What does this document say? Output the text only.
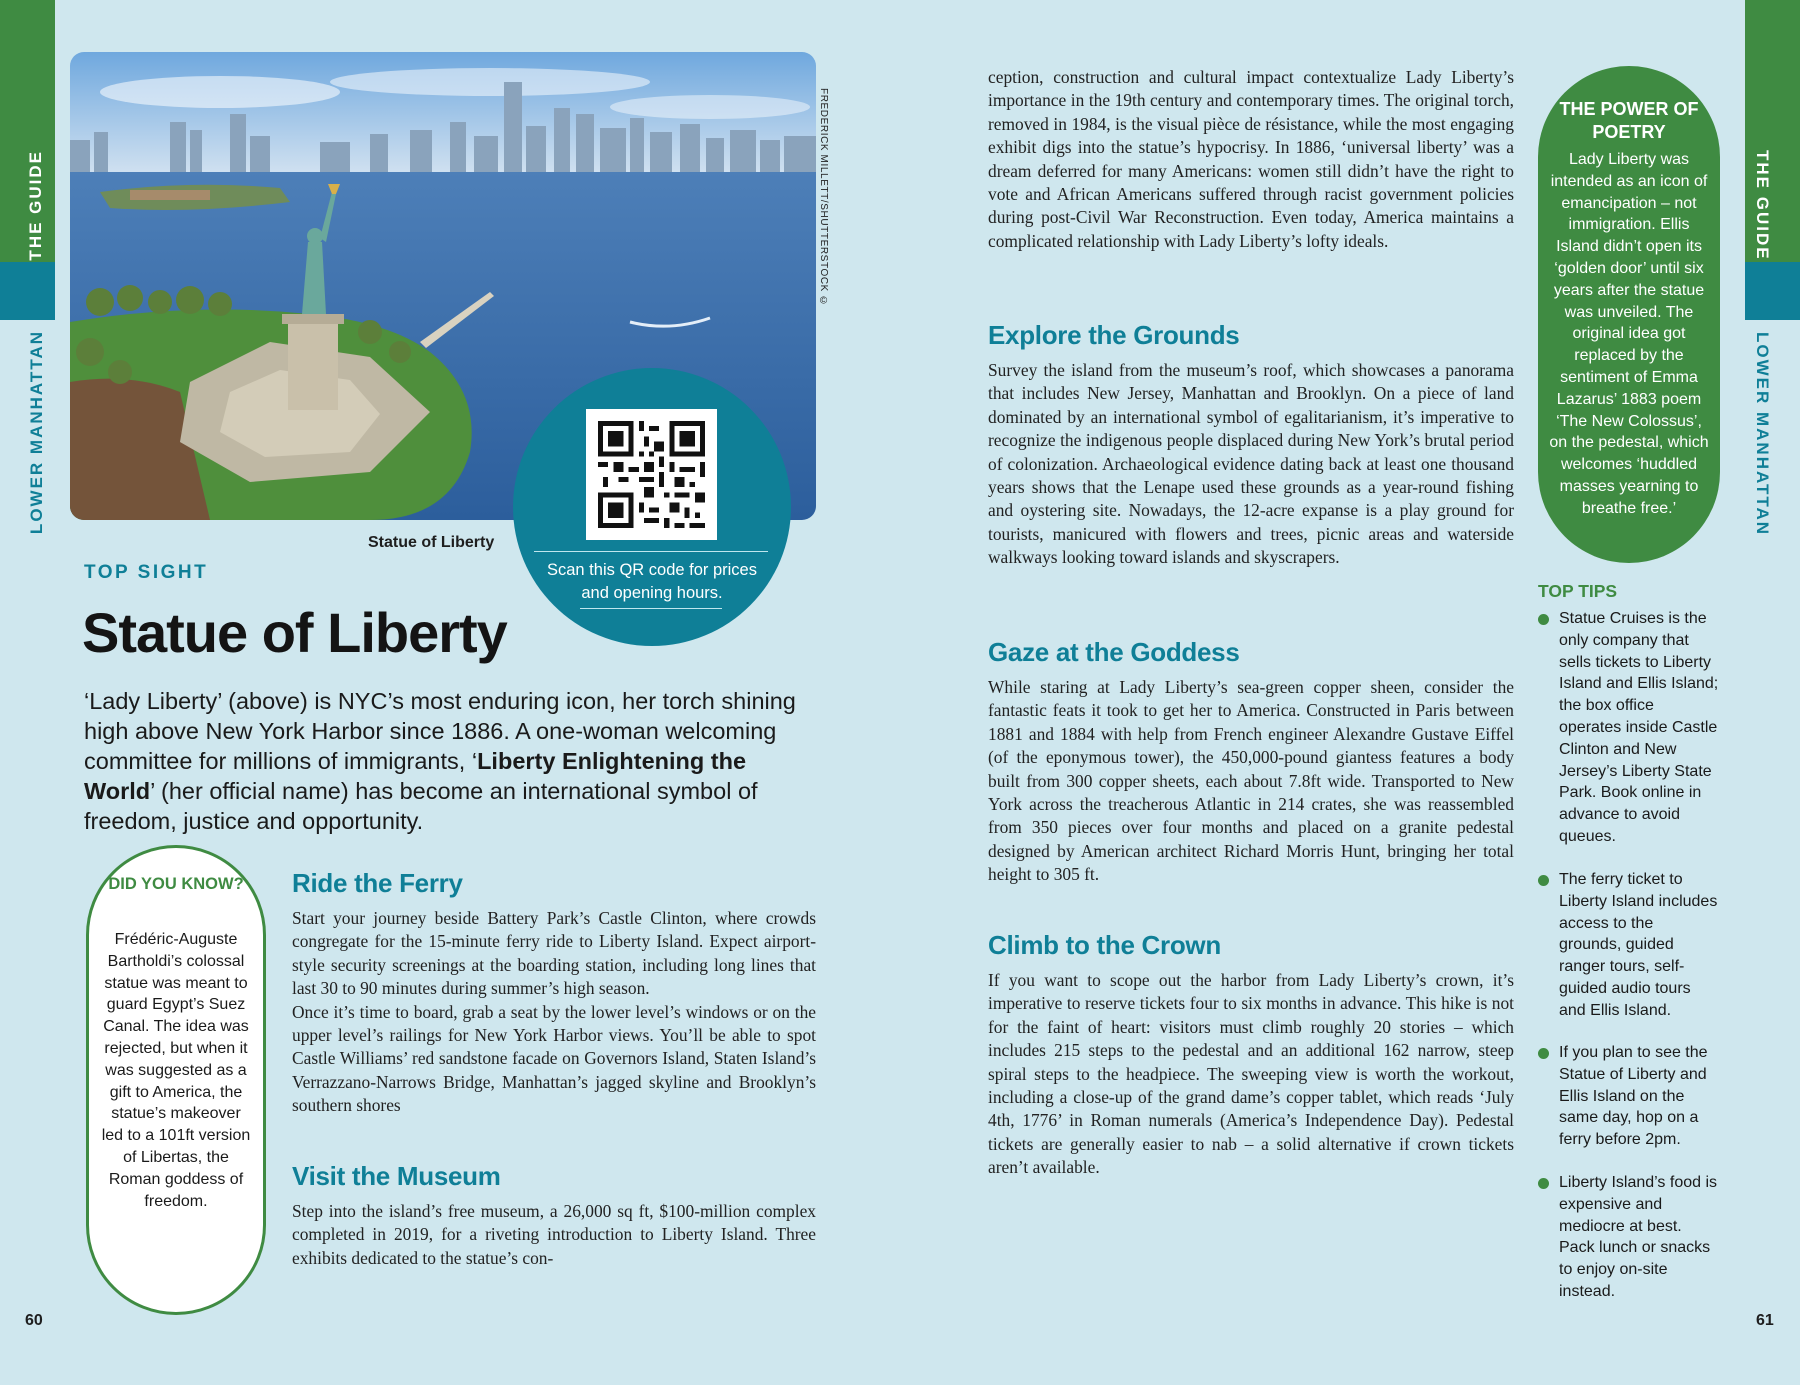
THE GUIDE
LOWER MANHATTAN
THE GUIDE
LOWER MANHATTAN
FREDERICK MILLETT/SHUTTERSTOCK ©
Statue of Liberty
Scan this QR code for prices
and opening hours.
TOP SIGHT
Statue of Liberty
‘Lady Liberty’ (above) is NYC’s most enduring icon, her torch shining high above New York Harbor since 1886. A one-woman welcoming committee for millions of immigrants, ‘Liberty Enlightening the World’ (her official name) has become an international symbol of freedom, justice and opportunity.
DID YOU KNOW?
Frédéric-Auguste Bartholdi’s colossal statue was meant to guard Egypt’s Suez Canal. The idea was rejected, but when it was suggested as a gift to America, the statue’s makeover led to a 101ft version of Libertas, the Roman goddess of freedom.
Ride the Ferry

Start your journey beside Battery Park’s Castle Clinton, where crowds congregate for the 15-minute ferry ride to Liberty Island. Expect airport-style security screenings at the boarding station, including long lines that last 30 to 90 minutes during summer’s high season.

Once it’s time to board, grab a seat by the lower level’s windows or on the upper level’s railings for New York Harbor views. You’ll be able to spot Castle Williams’ red sandstone facade on Governors Island, Staten Island’s Verrazzano-Narrows Bridge, Manhattan’s jagged skyline and Brooklyn’s southern shores

Visit the Museum
Step into the island’s free museum, a 26,000 sq ft, $100-million complex completed in 2019, for a riveting introduction to Liberty Island. Three exhibits dedicated to the statue’s con-
ception, construction and cultural impact contextualize Lady Liberty’s importance in the 19th century and contemporary times. The original torch, removed in 1984, is the visual pièce de résistance, while the most engaging exhibit digs into the statue’s hypocrisy. In 1886, ‘universal liberty’ was a dream deferred for many Americans: women still didn’t have the right to vote and African Americans suffered through racist government policies during post-Civil War Reconstruction. Even today, America maintains a complicated relationship with Lady Liberty’s lofty ideals.
Explore the Grounds
Survey the island from the museum’s roof, which showcases a panorama that includes New Jersey, Manhattan and Brooklyn. On a piece of land dominated by an international symbol of egalitarianism, it’s imperative to recognize the indigenous people displaced during New York’s brutal period of colonization. Archaeological evidence dating back at least one thousand years shows that the Lenape used these grounds as a year-round fishing and oystering site. Nowadays, the 12-acre expanse is a play ground for tourists, manicured with flowers and trees, picnic areas and waterside walkways looking toward islands and skyscrapers.
Gaze at the Goddess
While staring at Lady Liberty’s sea-green copper sheen, consider the fantastic feats it took to get her to America. Constructed in Paris between 1881 and 1884 with help from French engineer Alexandre Gustave Eiffel (of the eponymous tower), the 450,000-pound giantess features a body built from 300 copper sheets, each about 7.8ft wide. Transported to New York across the treacherous Atlantic in 214 crates, she was reassembled from 350 pieces over four months and placed on a granite pedestal designed by American architect Richard Morris Hunt, bringing her total height to 305 ft.
Climb to the Crown
If you want to scope out the harbor from Lady Liberty’s crown, it’s imperative to reserve tickets four to six months in advance. This hike is not for the faint of heart: visitors must climb roughly 20 stories – which includes 215 steps to the pedestal and an additional 162 narrow, steep spiral steps to the headpiece. The sweeping view is worth the workout, including a close-up of the grand dame’s copper tablet, which reads ‘July 4th, 1776’ in Roman numerals (America’s Independence Day). Pedestal tickets are generally easier to nab – a solid alternative if crown tickets aren’t available.
THE POWER OF POETRY
Lady Liberty was intended as an icon of emancipation – not immigration. Ellis Island didn’t open its ‘golden door’ until six years after the statue was unveiled. The original idea got replaced by the sentiment of Emma Lazarus’ 1883 poem ‘The New Colossus’, on the pedestal, which welcomes ‘huddled masses yearning to breathe free.’
TOP TIPS
Statue Cruises is the only company that sells tickets to Liberty Island and Ellis Island; the box office operates inside Castle Clinton and New Jersey’s Liberty State Park. Book online in advance to avoid queues.
The ferry ticket to Liberty Island includes access to the grounds, guided ranger tours, self-guided audio tours and Ellis Island.
If you plan to see the Statue of Liberty and Ellis Island on the same day, hop on a ferry before 2pm.
Liberty Island’s food is expensive and mediocre at best. Pack lunch or snacks to enjoy on-site instead.
60	61
